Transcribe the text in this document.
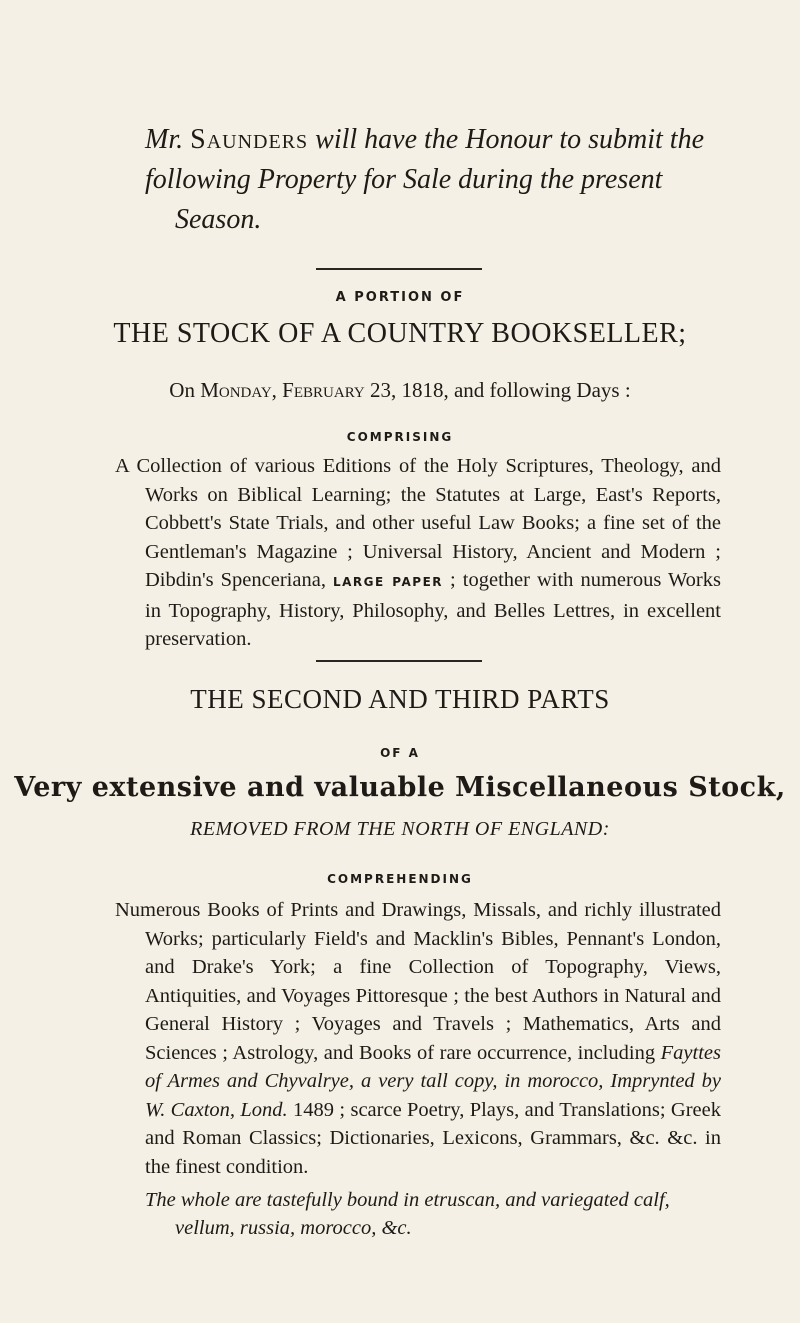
Mr. Saunders will have the Honour to submit the
following Property for Sale during the present
Season.
A PORTION OF
THE STOCK OF A COUNTRY BOOKSELLER;
On Monday, February 23, 1818, and following Days :
COMPRISING
A Collection of various Editions of the Holy Scriptures, Theology, and Works on Biblical Learning; the Statutes at Large, East's Reports, Cobbett's State Trials, and other useful Law Books; a fine set of the Gentleman's Magazine ; Universal History, Ancient and Modern ; Dibdin's Spenceriana, LARGE PAPER ; together with numerous Works in Topography, History, Philosophy, and Belles Lettres, in excellent preservation.
THE SECOND AND THIRD PARTS
OF A
Very extensive and valuable Miscellaneous Stock,
REMOVED FROM THE NORTH OF ENGLAND:
COMPREHENDING
Numerous Books of Prints and Drawings, Missals, and richly illustrated Works; particularly Field's and Macklin's Bibles, Pennant's London, and Drake's York; a fine Collection of Topography, Views, Antiquities, and Voyages Pittoresque ; the best Authors in Natural and General History ; Voyages and Travels ; Mathematics, Arts and Sciences ; Astrology, and Books of rare occurrence, including Fayttes of Armes and Chyvalrye, a very tall copy, in morocco, Imprynted by W. Caxton, Lond. 1489 ; scarce Poetry, Plays, and Translations; Greek and Roman Classics; Dictionaries, Lexicons, Grammars, &c. &c. in the finest condition.
The whole are tastefully bound in etruscan, and variegated calf,
vellum, russia, morocco, &c.
